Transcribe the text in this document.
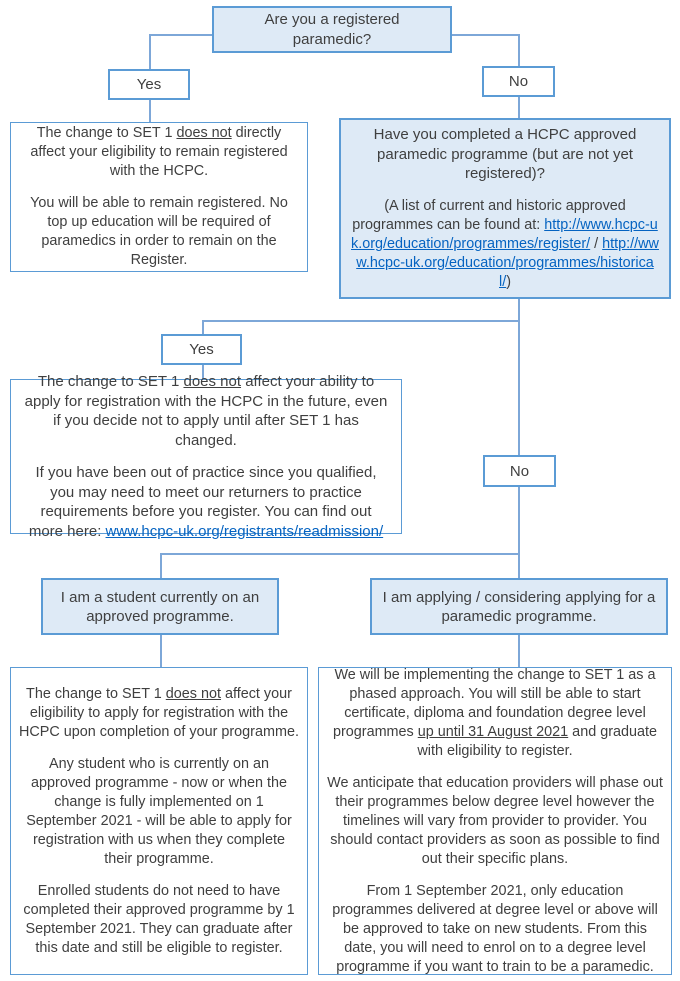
Are you a registered paramedic?

Yes	No

The change to SET 1 does not directly affect your eligibility to remain registered with the HCPC.

You will be able to remain registered. No top up education will be required of paramedics in order to remain on the Register.

Have you completed a HCPC approved paramedic programme (but are not yet registered)?

(A list of current and historic approved programmes can be found at: http://www.hcpc-uk.org/education/programmes/register/ / http://www.hcpc-uk.org/education/programmes/historical/)

Yes

The change to SET 1 does not affect your ability to apply for registration with the HCPC in the future, even if you decide not to apply until after SET 1 has changed.

If you have been out of practice since you qualified, you may need to meet our returners to practice requirements before you register. You can find out more here: www.hcpc-uk.org/registrants/readmission/

No

I am a student currently on an approved programme.

I am applying / considering applying for a paramedic programme.

The change to SET 1 does not affect your eligibility to apply for registration with the HCPC upon completion of your programme.

Any student who is currently on an approved programme - now or when the change is fully implemented on 1 September 2021 - will be able to apply for registration with us when they complete their programme.

Enrolled students do not need to have completed their approved programme by 1 September 2021. They can graduate after this date and still be eligible to register.

We will be implementing the change to SET 1 as a phased approach. You will still be able to start certificate, diploma and foundation degree level programmes up until 31 August 2021 and graduate with eligibility to register.

We anticipate that education providers will phase out their programmes below degree level however the timelines will vary from provider to provider. You should contact providers as soon as possible to find out their specific plans.

From 1 September 2021, only education programmes delivered at degree level or above will be approved to take on new students. From this date, you will need to enrol on to a degree level programme if you want to train to be a paramedic.
